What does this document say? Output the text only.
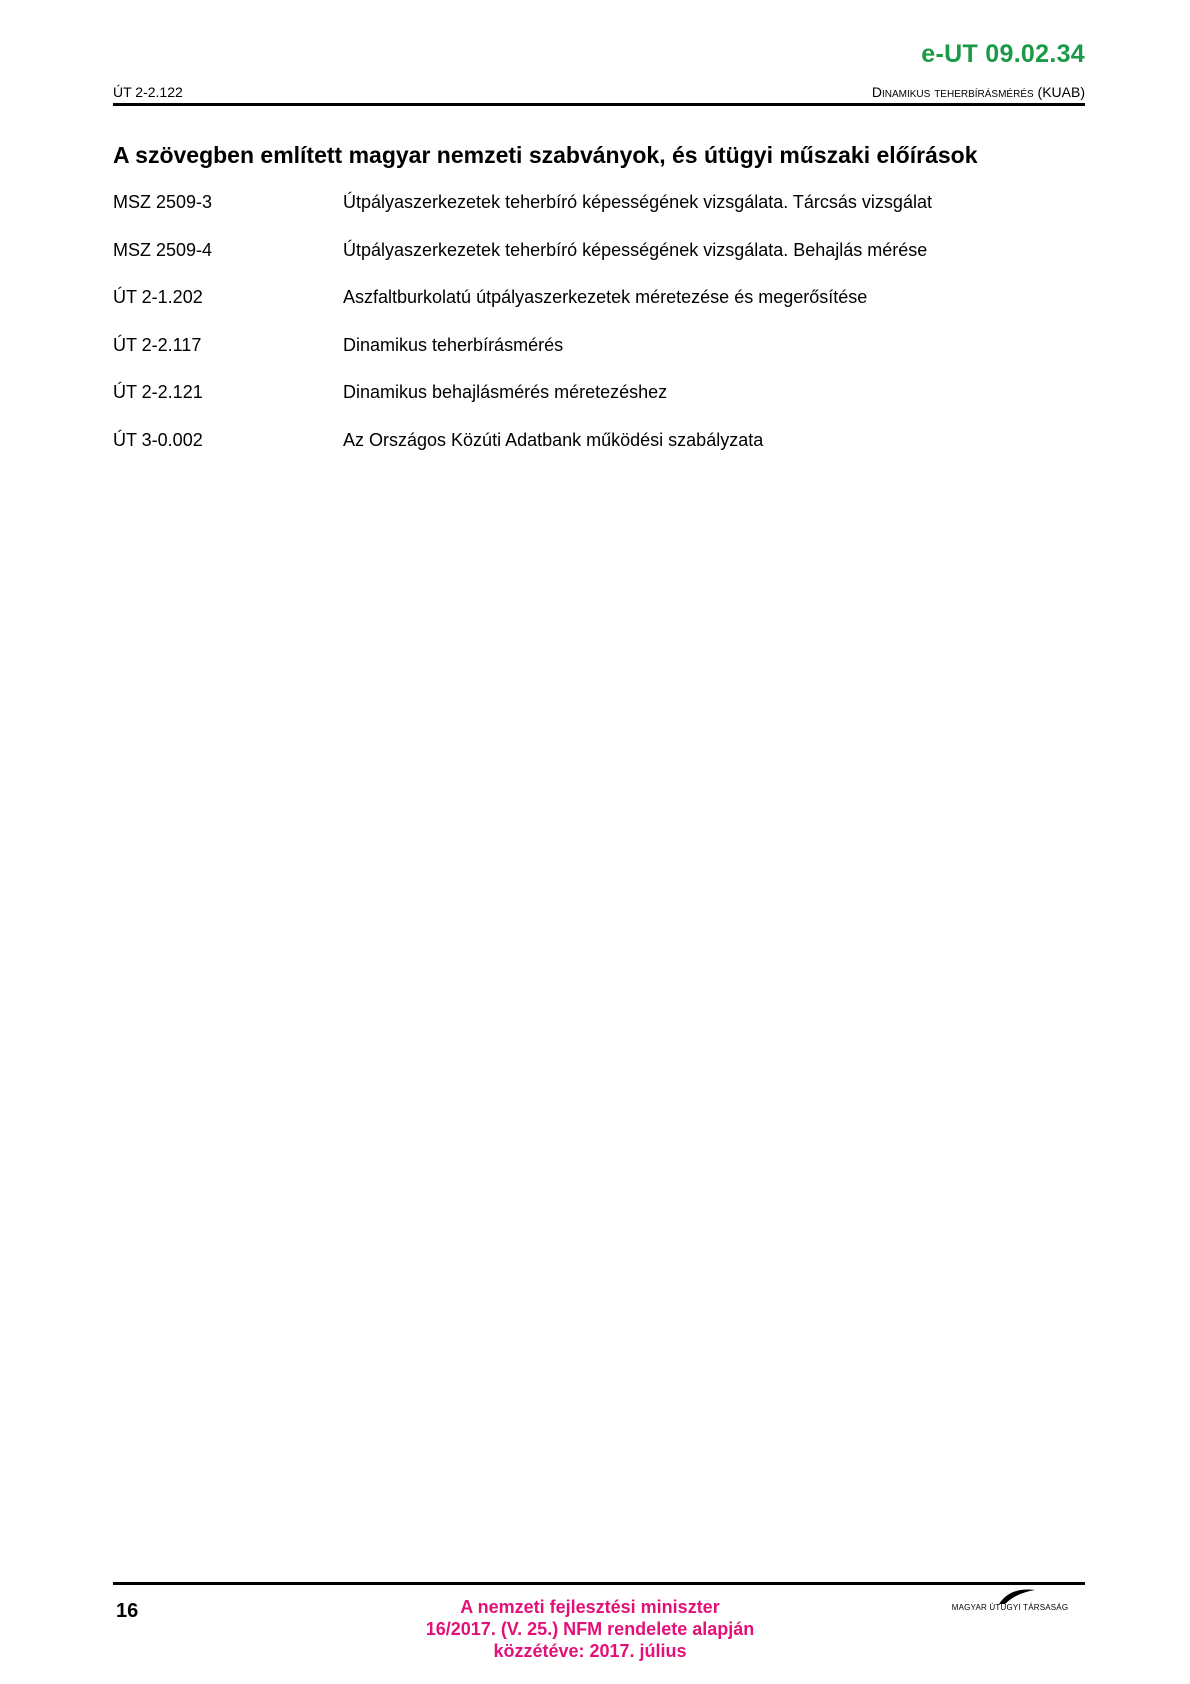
e-UT 09.02.34
ÚT 2-2.122	Dinamikus teherbírásmérés (KUAB)
A szövegben említett magyar nemzeti szabványok, és útügyi műszaki előírások
MSZ 2509-3	Útpályaszerkezetek teherbíró képességének vizsgálata. Tárcsás vizsgálat
MSZ 2509-4	Útpályaszerkezetek teherbíró képességének vizsgálata. Behajlás mérése
ÚT 2-1.202	Aszfaltburkolatú útpályaszerkezetek méretezése és megerősítése
ÚT 2-2.117	Dinamikus teherbírásmérés
ÚT 2-2.121	Dinamikus behajlásmérés méretezéshez
ÚT 3-0.002	Az Országos Közúti Adatbank működési szabályzata
16	A nemzeti fejlesztési miniszter
16/2017. (V. 25.) NFM rendelete alapján
közzétéve: 2017. július
MAGYAR ÚTÜGYI TÁRSASÁG
